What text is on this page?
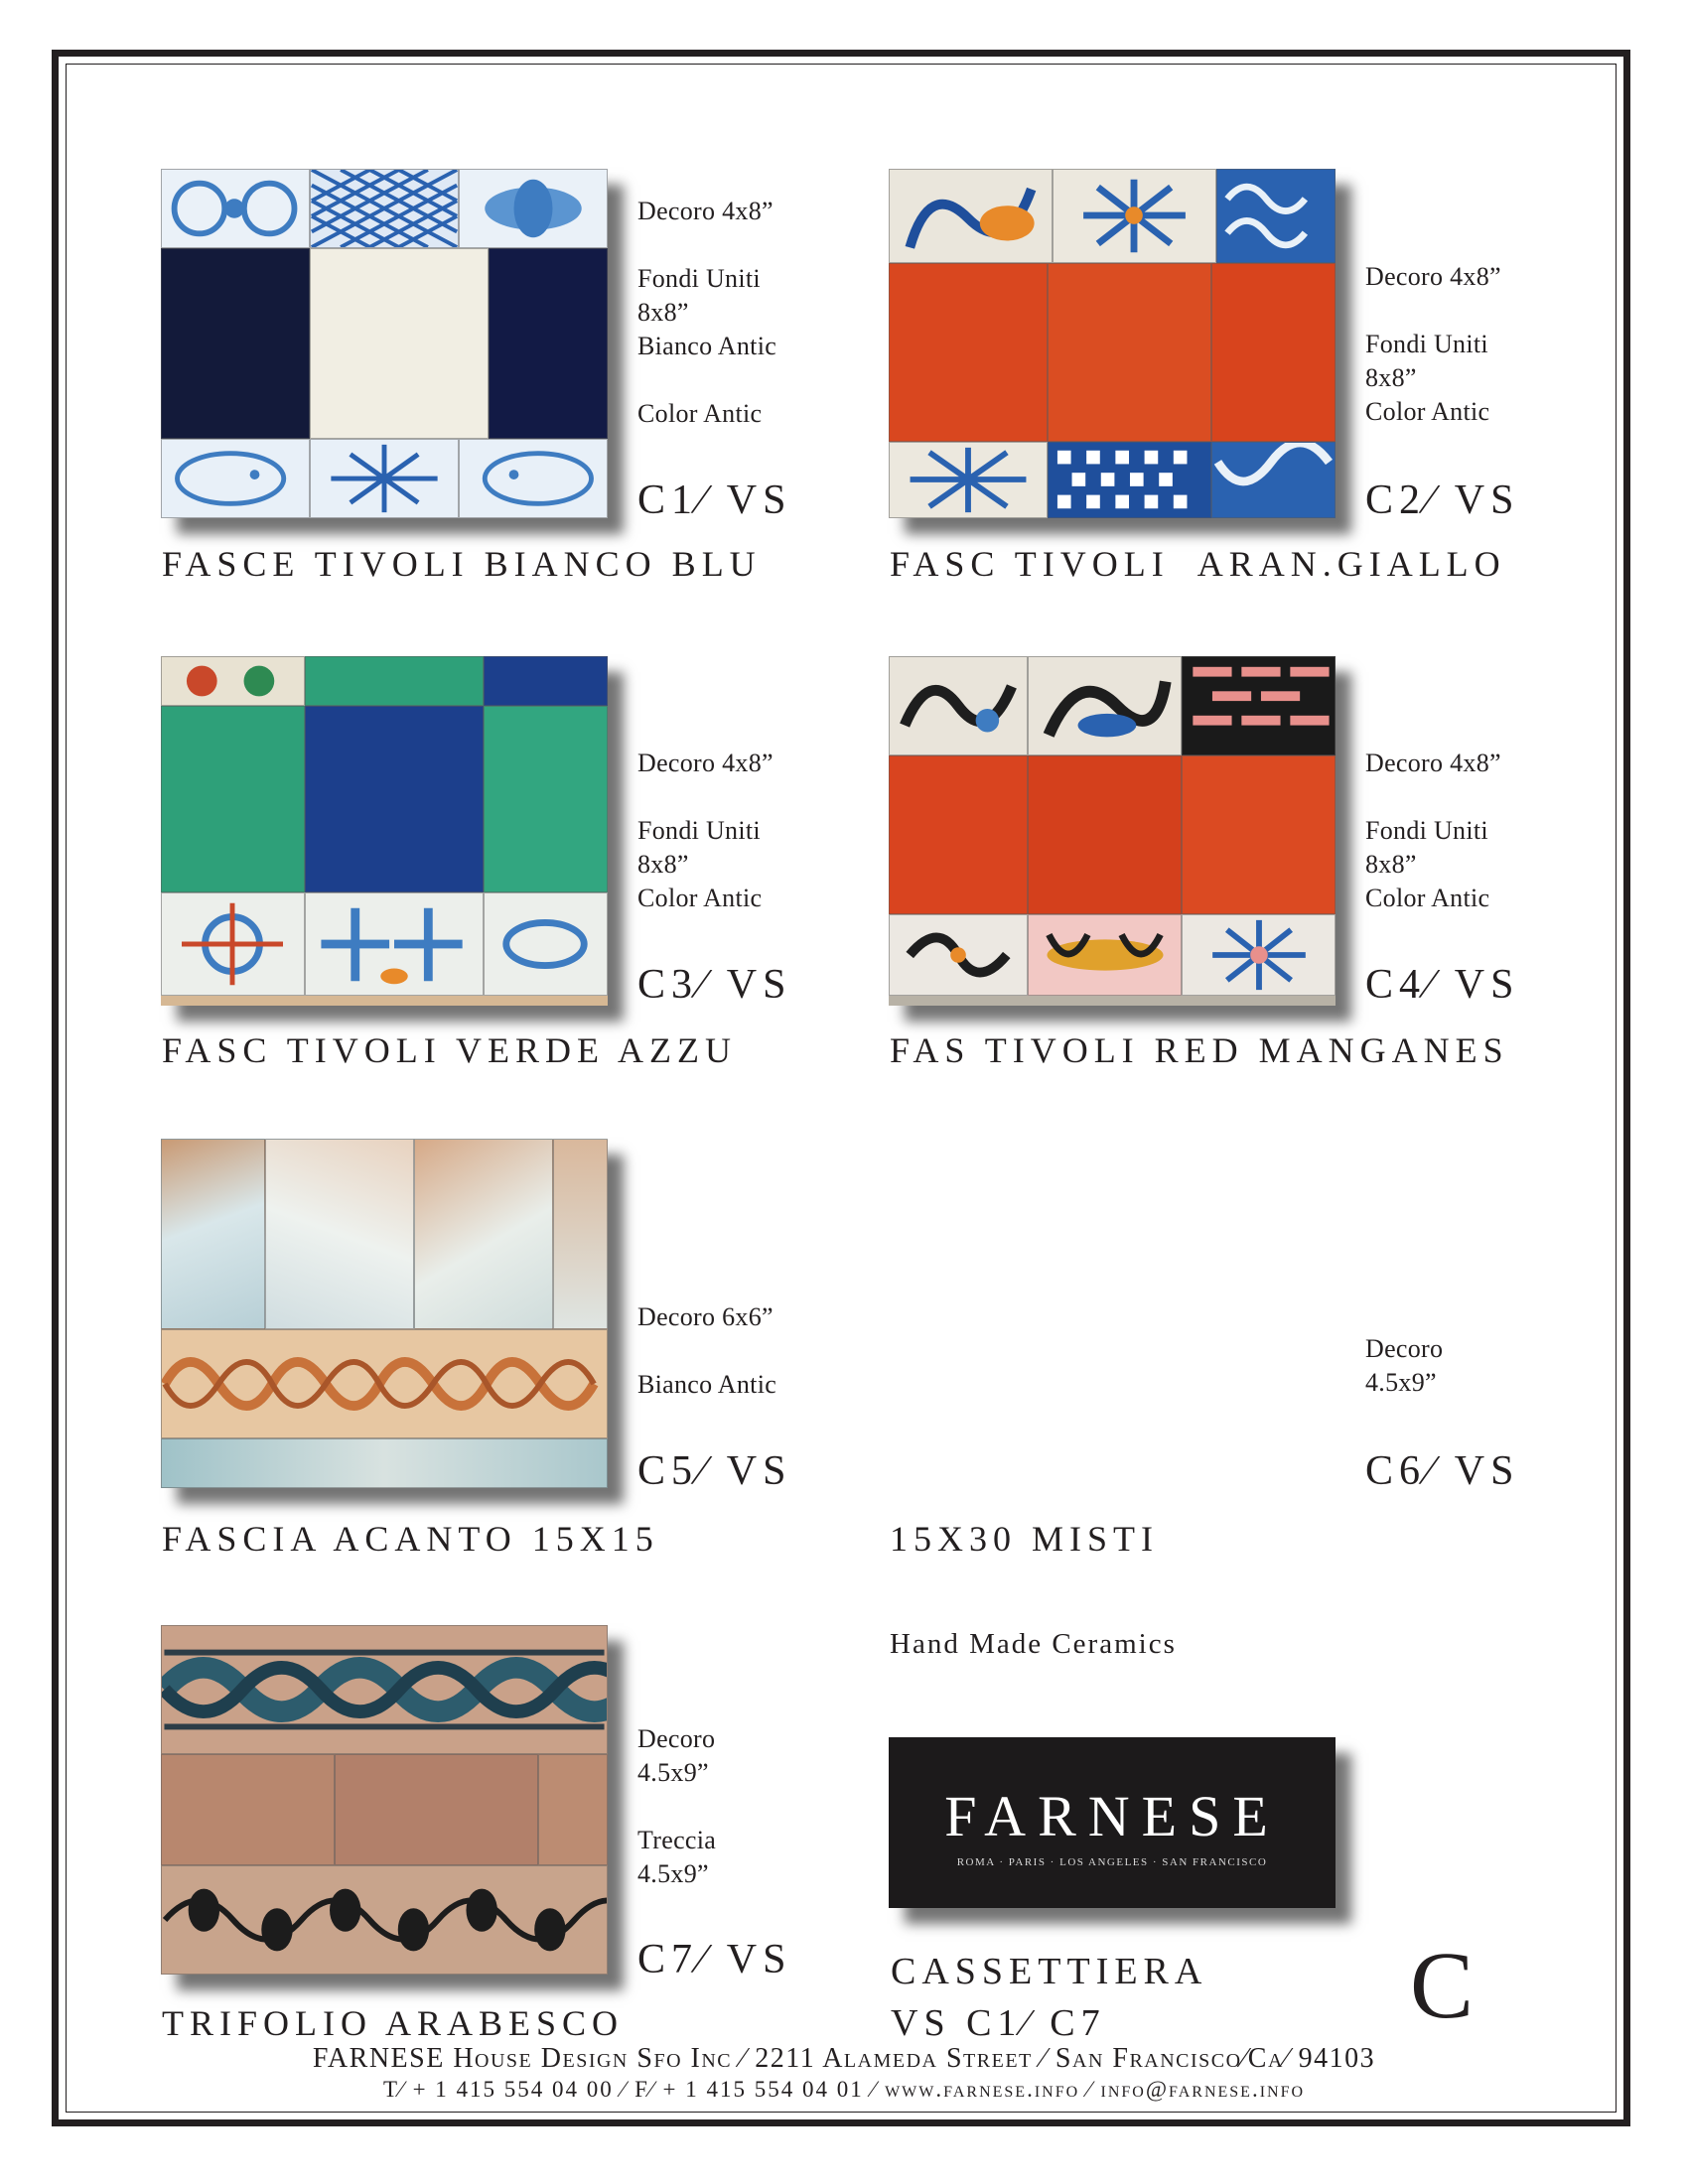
Decoro 4x8”

Fondi Uniti
8x8”
Bianco Antic

Color Antic
C1⁄ VS
FASCE TIVOLI BIANCO BLU
Decoro 4x8”

Fondi Uniti
8x8”
Color Antic
C2⁄ VS
FASC TIVOLI  ARAN.GIALLO
Decoro 4x8”

Fondi Uniti
8x8”
Color Antic
C3⁄ VS
FASC TIVOLI VERDE AZZU
Decoro 4x8”

Fondi Uniti
8x8”
Color Antic
C4⁄ VS
FAS TIVOLI RED MANGANES
Decoro 6x6”

Bianco Antic
C5⁄ VS
FASCIA ACANTO 15X15
Decoro
4.5x9”
C6⁄ VS
15X30 MISTI
Decoro
4.5x9”

Treccia
4.5x9”
C7⁄ VS
TRIFOLIO ARABESCO
Hand Made Ceramics
FARNESE
ROMA · PARIS · LOS ANGELES · SAN FRANCISCO
CASSETTIERA
VS C1⁄ C7	C
FARNESE House Design Sfo Inc ⁄ 2211 Alameda Street ⁄ San Francisco⁄Ca⁄ 94103
T⁄ + 1 415 554 04 00 ⁄ F⁄ + 1 415 554 04 01 ⁄ www.farnese.info ⁄ info@farnese.info
